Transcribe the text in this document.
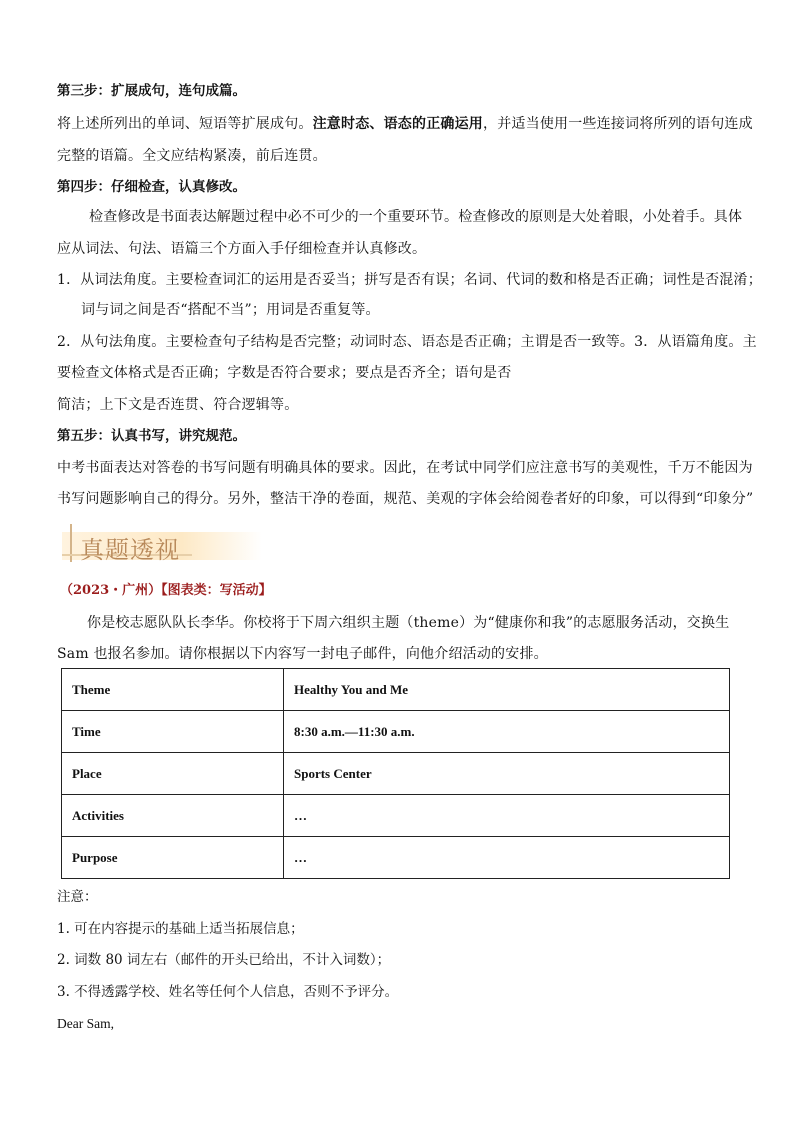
第三步：扩展成句，连句成篇。
将上述所列出的单词、短语等扩展成句。注意时态、语态的正确运用，并适当使用一些连接词将所列的语句连成
完整的语篇。全文应结构紧凑，前后连贯。
第四步：仔细检查，认真修改。
检查修改是书面表达解题过程中必不可少的一个重要环节。检查修改的原则是大处着眼，小处着手。具体
应从词法、句法、语篇三个方面入手仔细检查并认真修改。
1．从词法角度。主要检查词汇的运用是否妥当；拼写是否有误；名词、代词的数和格是否正确；词性是否混淆；
词与词之间是否“搭配不当”；用词是否重复等。
2．从句法角度。主要检查句子结构是否完整；动词时态、语态是否正确；主谓是否一致等。3．从语篇角度。主
要检查文体格式是否正确；字数是否符合要求；要点是否齐全；语句是否
简洁；上下文是否连贯、符合逻辑等。
第五步：认真书写，讲究规范。
中考书面表达对答卷的书写问题有明确具体的要求。因此，在考试中同学们应注意书写的美观性，千万不能因为
书写问题影响自己的得分。另外，整洁干净的卷面，规范、美观的字体会给阅卷者好的印象，可以得到“印象分”
真题透视
（2023・广州）【图表类：写活动】
你是校志愿队队长李华。你校将于下周六组织主题（theme）为“健康你和我”的志愿服务活动，交换生
Sam 也报名参加。请你根据以下内容写一封电子邮件，向他介绍活动的安排。
Theme	Healthy You and Me
Time	8:30 a.m.—11:30 a.m.
Place	Sports Center
Activities	…
Purpose	…
注意：
1. 可在内容提示的基础上适当拓展信息；
2. 词数 80 词左右（邮件的开头已给出，不计入词数）；
3. 不得透露学校、姓名等任何个人信息，否则不予评分。
Dear Sam,
